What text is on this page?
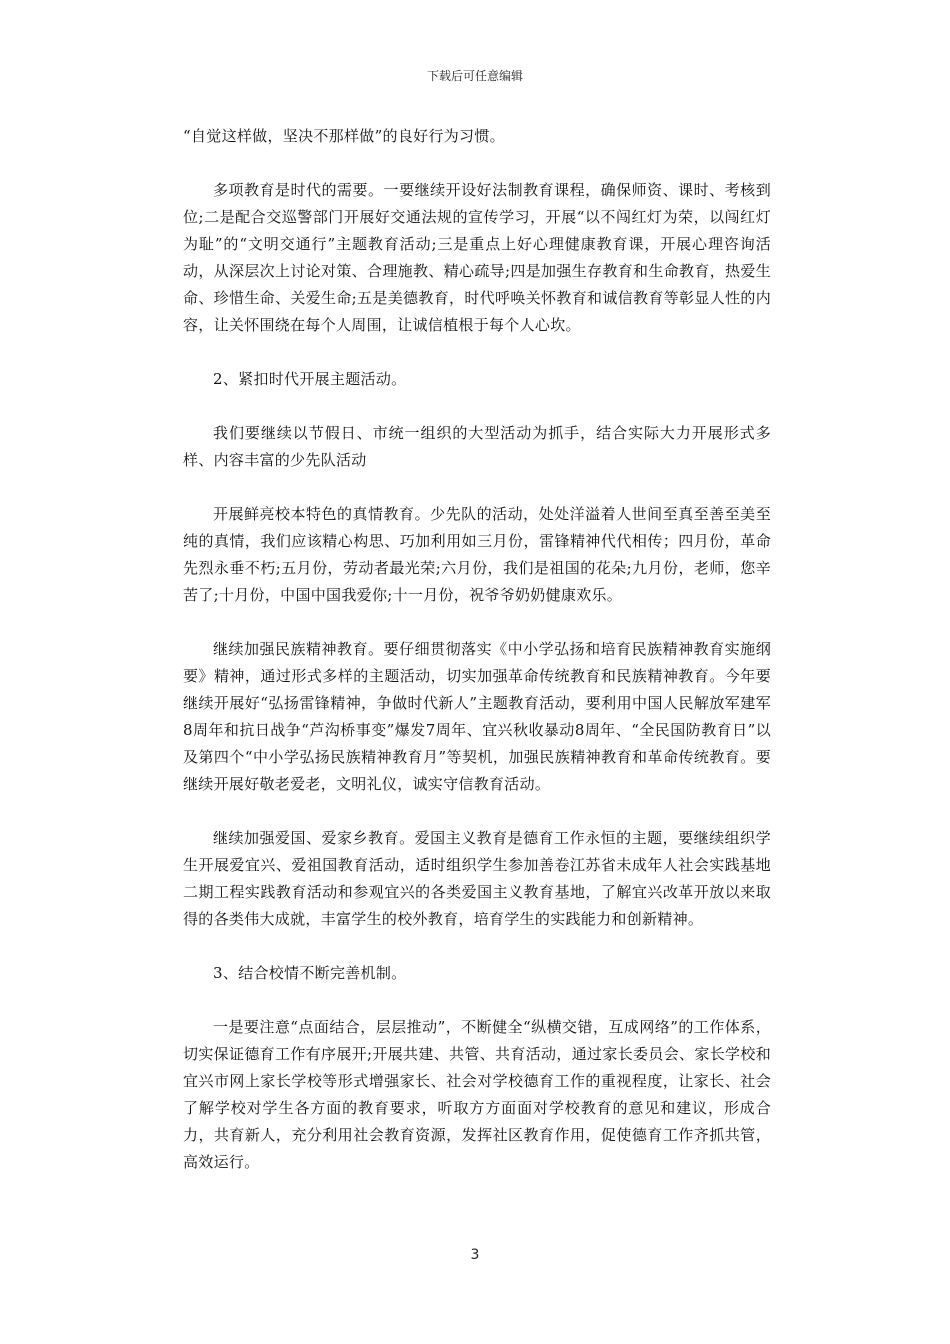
下载后可任意编辑

“自觉这样做，坚决不那样做”的良好行为习惯。

多项教育是时代的需要。一要继续开设好法制教育课程，确保师资、课时、考核到位;二是配合交巡警部门开展好交通法规的宣传学习，开展“以不闯红灯为荣，以闯红灯为耻”的“文明交通行”主题教育活动;三是重点上好心理健康教育课，开展心理咨询活动，从深层次上讨论对策、合理施教、精心疏导;四是加强生存教育和生命教育，热爱生命、珍惜生命、关爱生命;五是美德教育，时代呼唤关怀教育和诚信教育等彰显人性的内容，让关怀围绕在每个人周围，让诚信植根于每个人心坎。

2、紧扣时代开展主题活动。

我们要继续以节假日、市统一组织的大型活动为抓手，结合实际大力开展形式多样、内容丰富的少先队活动

开展鲜亮校本特色的真情教育。少先队的活动，处处洋溢着人世间至真至善至美至纯的真情，我们应该精心构思、巧加利用如三月份，雷锋精神代代相传；四月份，革命先烈永垂不朽;五月份，劳动者最光荣;六月份，我们是祖国的花朵;九月份，老师，您辛苦了;十月份，中国中国我爱你;十一月份，祝爷爷奶奶健康欢乐。

继续加强民族精神教育。要仔细贯彻落实《中小学弘扬和培育民族精神教育实施纲要》精神，通过形式多样的主题活动，切实加强革命传统教育和民族精神教育。今年要继续开展好“弘扬雷锋精神，争做时代新人”主题教育活动，要利用中国人民解放军建军8周年和抗日战争“芦沟桥事变”爆发7周年、宜兴秋收暴动8周年、“全民国防教育日”以及第四个“中小学弘扬民族精神教育月”等契机，加强民族精神教育和革命传统教育。要继续开展好敬老爱老，文明礼仪，诚实守信教育活动。

继续加强爱国、爱家乡教育。爱国主义教育是德育工作永恒的主题，要继续组织学生开展爱宜兴、爱祖国教育活动，适时组织学生参加善卷江苏省未成年人社会实践基地二期工程实践教育活动和参观宜兴的各类爱国主义教育基地，了解宜兴改革开放以来取得的各类伟大成就，丰富学生的校外教育，培育学生的实践能力和创新精神。

3、结合校情不断完善机制。

一是要注意“点面结合，层层推动”，不断健全“纵横交错，互成网络”的工作体系，切实保证德育工作有序展开;开展共建、共管、共育活动，通过家长委员会、家长学校和宜兴市网上家长学校等形式增强家长、社会对学校德育工作的重视程度，让家长、社会了解学校对学生各方面的教育要求，听取方方面面对学校教育的意见和建议，形成合力，共育新人，充分利用社会教育资源，发挥社区教育作用，促使德育工作齐抓共管，高效运行。

3
